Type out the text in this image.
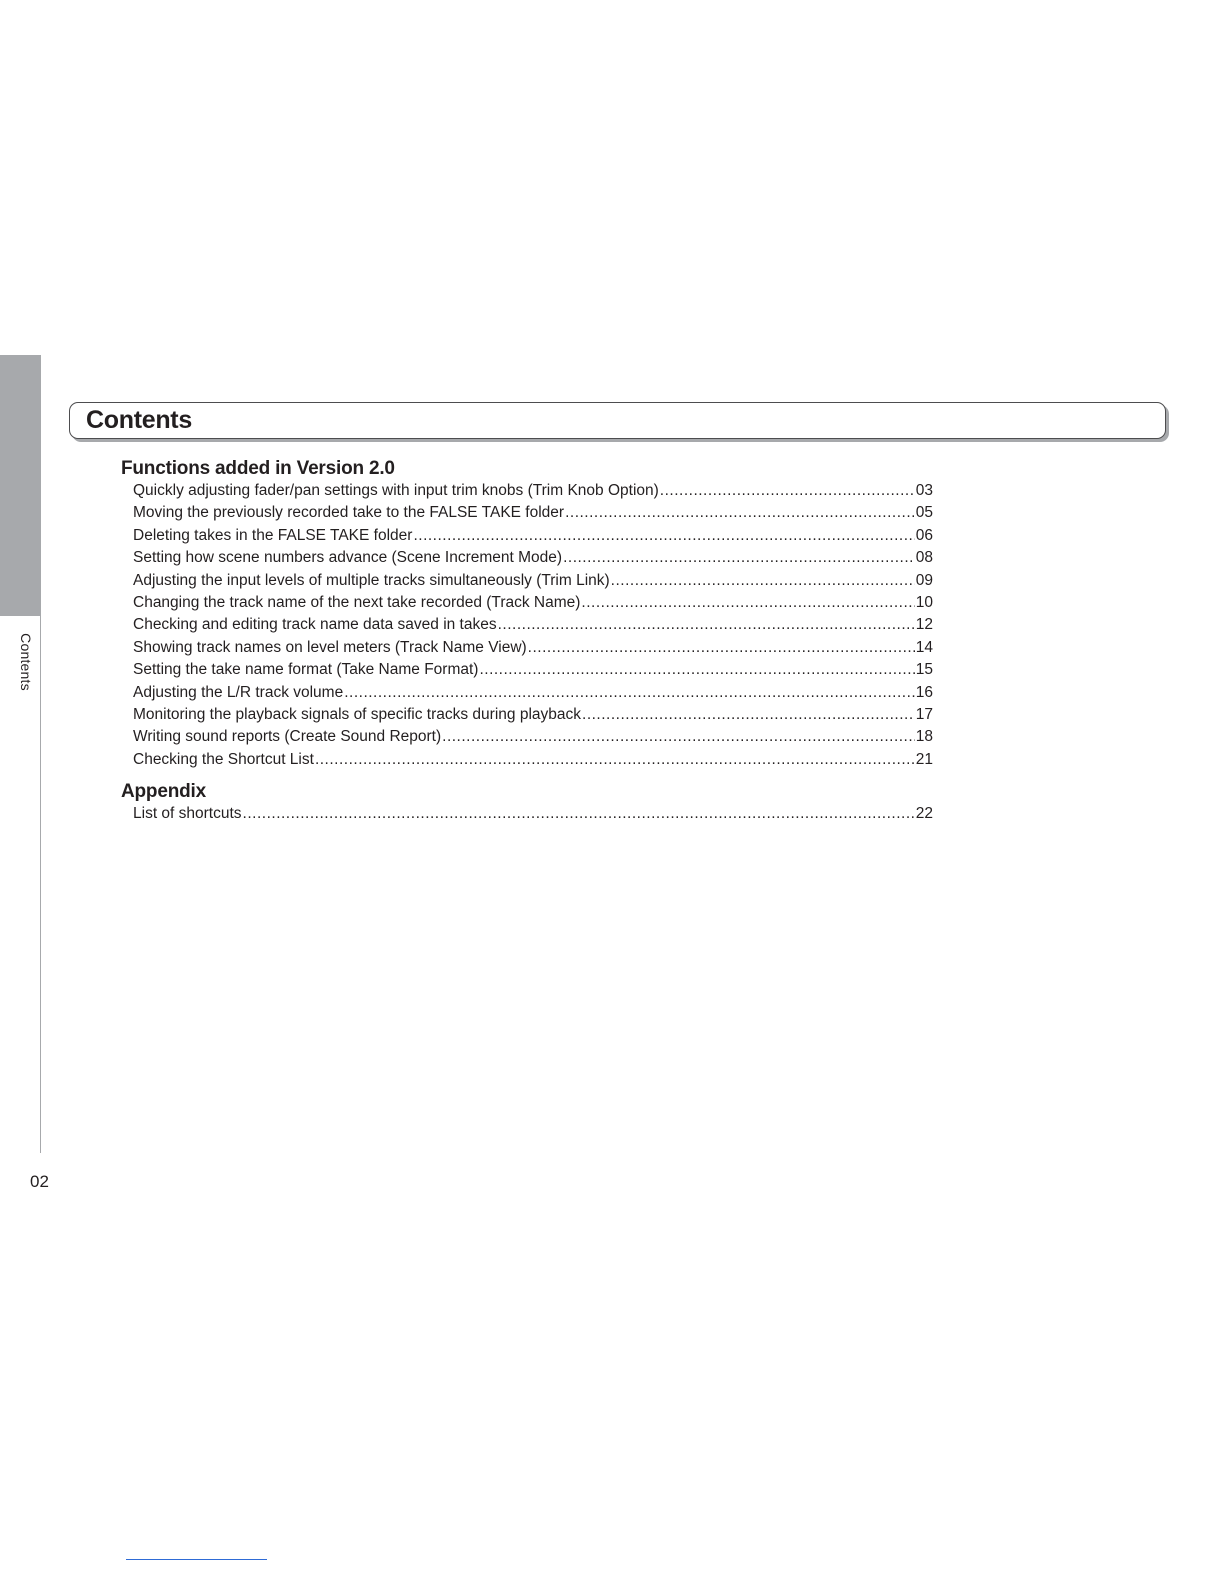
Contents
Contents
Functions added in Version 2.0
Quickly adjusting fader/pan settings with input trim knobs (Trim Knob Option) .....	03
Moving the previously recorded take to the FALSE TAKE folder .....	05
Deleting takes in the FALSE TAKE folder .....	06
Setting how scene numbers advance (Scene Increment Mode) .....	08
Adjusting the input levels of multiple tracks simultaneously (Trim Link) .....	09
Changing the track name of the next take recorded (Track Name) .....	10
Checking and editing track name data saved in takes .....	12
Showing track names on level meters (Track Name View) .....	14
Setting the take name format (Take Name Format) .....	15
Adjusting the L/R track volume .....	16
Monitoring the playback signals of specific tracks during playback .....	17
Writing sound reports (Create Sound Report) .....	18
Checking the Shortcut List .....	21
Appendix
List of shortcuts .....	22
02
